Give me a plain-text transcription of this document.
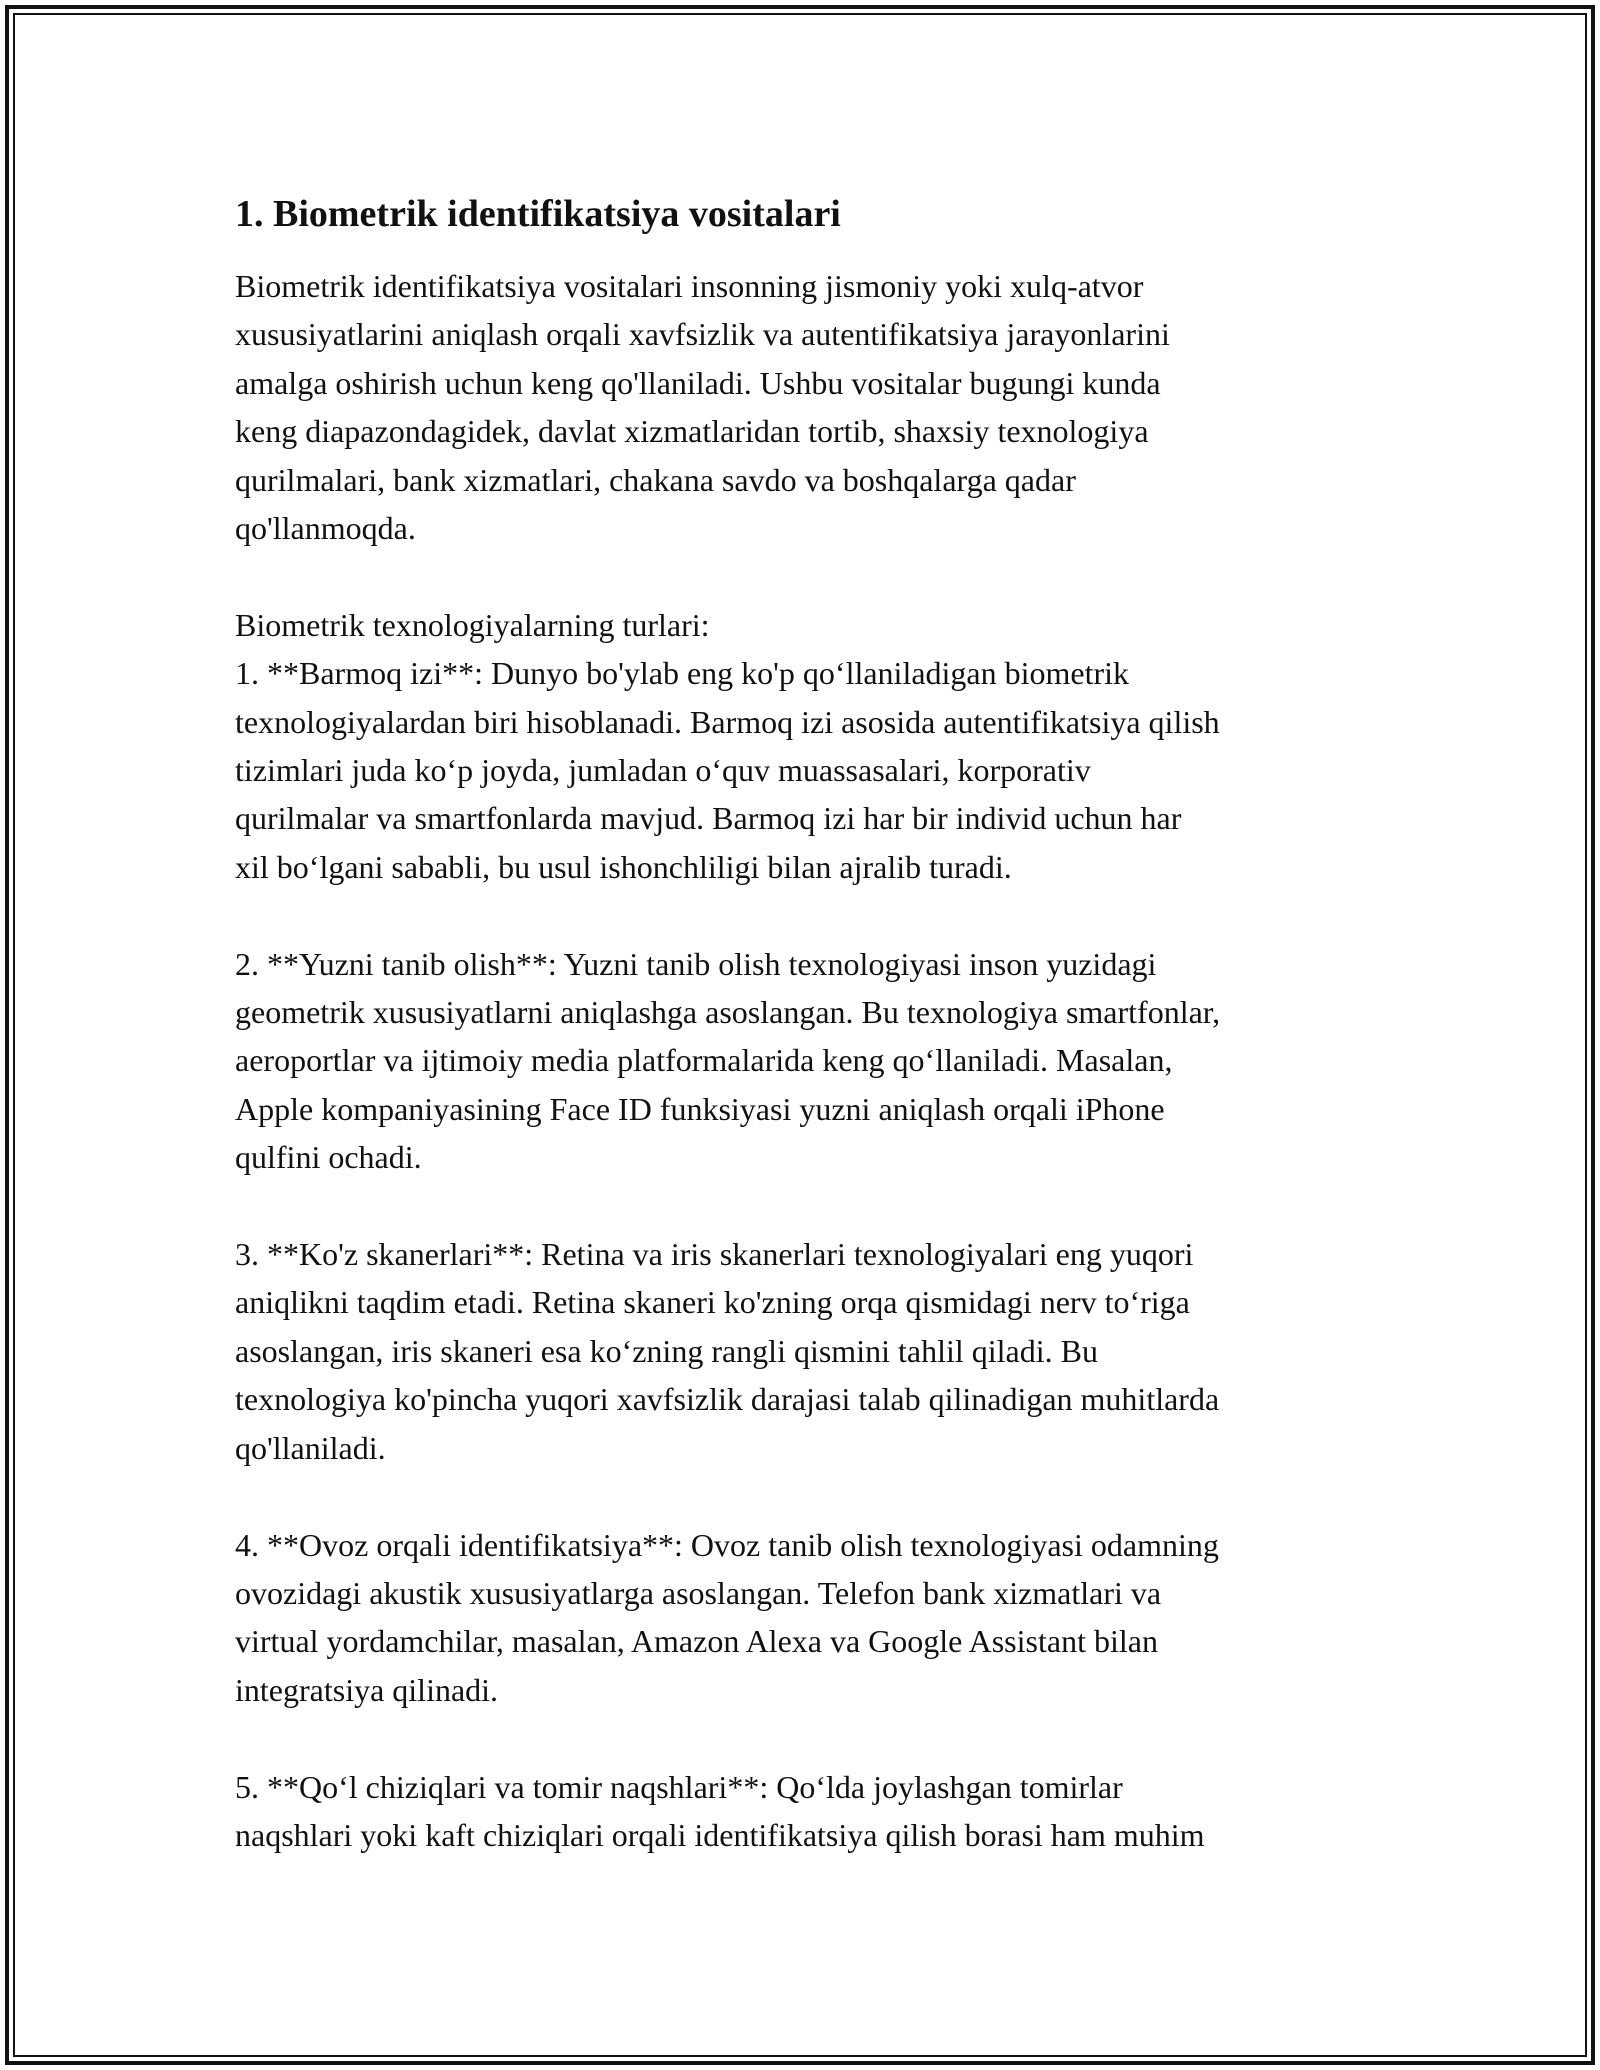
1. Biometrik identifikatsiya vositalari

Biometrik identifikatsiya vositalari insonning jismoniy yoki xulq-atvor
xususiyatlarini aniqlash orqali xavfsizlik va autentifikatsiya jarayonlarini
amalga oshirish uchun keng qo'llaniladi. Ushbu vositalar bugungi kunda
keng diapazondagidek, davlat xizmatlaridan tortib, shaxsiy texnologiya
qurilmalari, bank xizmatlari, chakana savdo va boshqalarga qadar
qo'llanmoqda.

Biometrik texnologiyalarning turlari:
1. **Barmoq izi**: Dunyo bo'ylab eng ko'p qo‘llaniladigan biometrik
texnologiyalardan biri hisoblanadi. Barmoq izi asosida autentifikatsiya qilish
tizimlari juda ko‘p joyda, jumladan o‘quv muassasalari, korporativ
qurilmalar va smartfonlarda mavjud. Barmoq izi har bir individ uchun har
xil bo‘lgani sababli, bu usul ishonchliligi bilan ajralib turadi.

2. **Yuzni tanib olish**: Yuzni tanib olish texnologiyasi inson yuzidagi
geometrik xususiyatlarni aniqlashga asoslangan. Bu texnologiya smartfonlar,
aeroportlar va ijtimoiy media platformalarida keng qo‘llaniladi. Masalan,
Apple kompaniyasining Face ID funksiyasi yuzni aniqlash orqali iPhone
qulfini ochadi.

3. **Ko'z skanerlari**: Retina va iris skanerlari texnologiyalari eng yuqori
aniqlikni taqdim etadi. Retina skaneri ko'zning orqa qismidagi nerv to‘riga
asoslangan, iris skaneri esa ko‘zning rangli qismini tahlil qiladi. Bu
texnologiya ko'pincha yuqori xavfsizlik darajasi talab qilinadigan muhitlarda
qo'llaniladi.

4. **Ovoz orqali identifikatsiya**: Ovoz tanib olish texnologiyasi odamning
ovozidagi akustik xususiyatlarga asoslangan. Telefon bank xizmatlari va
virtual yordamchilar, masalan, Amazon Alexa va Google Assistant bilan
integratsiya qilinadi.

5. **Qo‘l chiziqlari va tomir naqshlari**: Qo‘lda joylashgan tomirlar
naqshlari yoki kaft chiziqlari orqali identifikatsiya qilish borasi ham muhim
